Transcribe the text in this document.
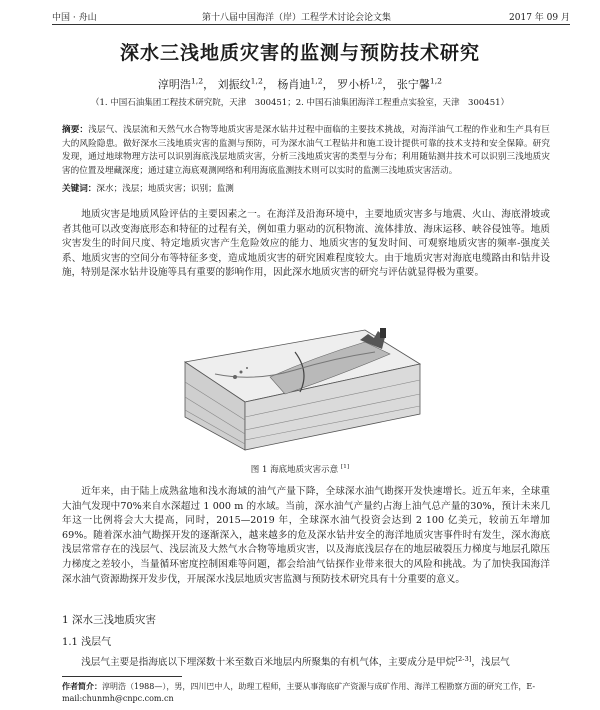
中国 · 舟山	第十八届中国海洋（岸）工程学术讨论会论文集	2017 年 09 月
深水三浅地质灾害的监测与预防技术研究
淳明浩$^{1,2}$， 刘振纹$^{1,2}$， 杨肖迪$^{1,2}$， 罗小桥$^{1,2}$， 张宁馨$^{1,2}$
（1. 中国石油集团工程技术研究院，天津　300451；2. 中国石油集团海洋工程重点实验室，天津　300451）
摘要：浅层气、浅层流和天然气水合物等地质灾害是深水钻井过程中面临的主要技术挑战，对海洋油气工程的作业和生产具有巨大的风险隐患。做好深水三浅地质灾害的监测与预防，可为深水油气工程钻井和施工设计提供可靠的技术支持和安全保障。研究发现，通过地球物理方法可以识别海底浅层地质灾害，分析三浅地质灾害的类型与分布；利用随钻测井技术可以识别三浅地质灾害的位置及埋藏深度；通过建立海底观测网络和利用海底监测技术则可以实时的监测三浅地质灾害活动。
关键词：深水；浅层；地质灾害；识别；监测

地质灾害是地质风险评估的主要因素之一。在海洋及沿海环境中，主要地质灾害多与地震、火山、海底滑坡或者其他可以改变海底形态和特征的过程有关，例如重力驱动的沉积物流、流体排放、海床运移、峡谷侵蚀等。地质灾害发生的时间尺度、特定地质灾害产生危险效应的能力、地质灾害的复发时间、可观察地质灾害的频率-强度关系、地质灾害的空间分布等特征多变，造成地质灾害的研究困难程度较大。由于地质灾害对海底电缆路由和钻井设施，特别是深水钻井设施等具有重要的影响作用，因此深水地质灾害的研究与评估就显得极为重要。

图 1 海底地质灾害示意 [1]

近年来，由于陆上成熟盆地和浅水海域的油气产量下降，全球深水油气勘探开发快速增长。近五年来，全球重大油气发现中70%来自水深超过 1 000 m 的水域。当前，深水油气产量约占海上油气总产量的30%，预计未来几年这一比例将会大大提高，同时，2015—2019 年，全球深水油气投资会达到 2 100 亿美元，较前五年增加 69%。随着深水油气勘探开发的逐渐深入，越来越多的危及深水钻井安全的海洋地质灾害事件时有发生，深水海底浅层常常存在的浅层气、浅层流及大然气水合物等地质灾害，以及海底浅层存在的地层破裂压力梯度与地层孔隙压力梯度之差较小，当量循环密度控制困难等问题，都会给油气钻探作业带来很大的风险和挑战。为了加快我国海洋深水油气资源勘探开发步伐，开展深水浅层地质灾害监测与预防技术研究具有十分重要的意义。

1 深水三浅地质灾害
1.1 浅层气

浅层气主要是指海底以下埋深数十米至数百米地层内所聚集的有机气体，主要成分是甲烷[2-3]，浅层气

作者简介：淳明浩（1988—），男，四川巴中人，助理工程师，主要从事海底矿产资源与成矿作用、海洋工程勘察方面的研究工作，E-mail:chunmh@cnpc.com.cn
